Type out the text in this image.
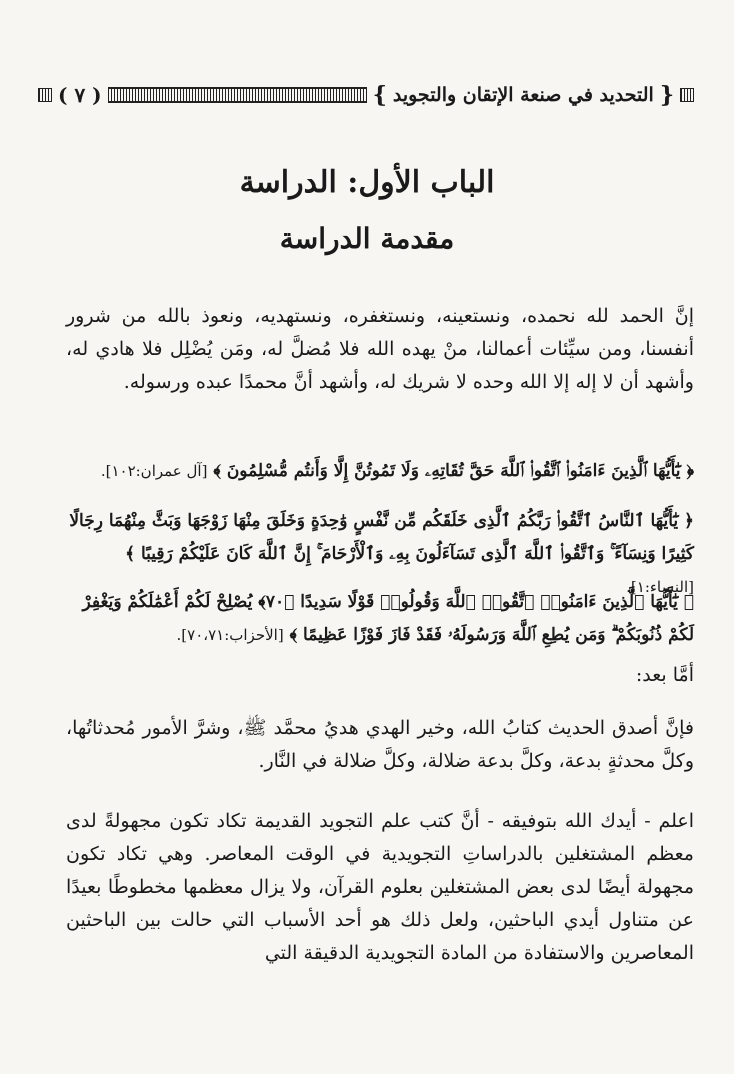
{
التحديد في صنعة الإتقان والتجويد
}
( ٧ )
الباب الأول: الدراسة
مقدمة الدراسة

إنَّ الحمد لله نحمده، ونستعينه، ونستغفره، ونستهديه، ونعوذ بالله من شرور أنفسنا، ومن سيِّئات أعمالنا، منْ يهده الله فلا مُضلَّ له، ومَن يُضْلِل فلا هادي له، وأشهد أن لا إله إلا الله وحده لا شريك له، وأشهد أنَّ محمدًا عبده ورسوله.

﴿ يَٰٓأَيُّهَا ٱلَّذِينَ ءَامَنُوا۟ ٱتَّقُوا۟ ٱللَّهَ حَقَّ تُقَاتِهِۦ وَلَا تَمُوتُنَّ إِلَّا وَأَنتُم مُّسْلِمُونَ ﴾ [آل عمران:١٠٢].
﴿ يَٰٓأَيُّهَا ٱلنَّاسُ ٱتَّقُوا۟ رَبَّكُمُ ٱلَّذِى خَلَقَكُم مِّن نَّفْسٍ وَٰحِدَةٍ وَخَلَقَ مِنْهَا زَوْجَهَا وَبَثَّ مِنْهُمَا رِجَالًا كَثِيرًا وَنِسَآءً ۚ وَٱتَّقُوا۟ ٱللَّهَ ٱلَّذِى تَسَآءَلُونَ بِهِۦ وَٱلْأَرْحَامَ ۚ إِنَّ ٱللَّهَ كَانَ عَلَيْكُمْ رَقِيبًا ﴾ [النساء:١].
﴿ يَٰٓأَيُّهَا ٱلَّذِينَ ءَامَنُوا۟ ٱتَّقُوا۟ ٱللَّهَ وَقُولُوا۟ قَوْلًا سَدِيدًا ﴿٧٠﴾ يُصْلِحْ لَكُمْ أَعْمَٰلَكُمْ وَيَغْفِرْ لَكُمْ ذُنُوبَكُمْ ۗ وَمَن يُطِعِ ٱللَّهَ وَرَسُولَهُۥ فَقَدْ فَازَ فَوْزًا عَظِيمًا ﴾ [الأحزاب:٧٠،٧١].
أمَّا بعد:

فإنَّ أصدق الحديث كتابُ الله، وخير الهدي هديُ محمَّد ﷺ، وشرَّ الأمور مُحدثاتُها، وكلَّ محدثةٍ بدعة، وكلَّ بدعة ضلالة، وكلَّ ضلالة في النَّار.

اعلم - أيدك الله بتوفيقه - أنَّ كتب علم التجويد القديمة تكاد تكون مجهولةً لدى معظم المشتغلين بالدراساتِ التجويدية في الوقت المعاصر. وهي تكاد تكون مجهولة أيضًا لدى بعض المشتغلين بعلوم القرآن، ولا يزال معظمها مخطوطًا بعيدًا عن متناول أيدي الباحثين، ولعل ذلك هو أحد الأسباب التي حالت بين الباحثين المعاصرين والاستفادة من المادة التجويدية الدقيقة التي
